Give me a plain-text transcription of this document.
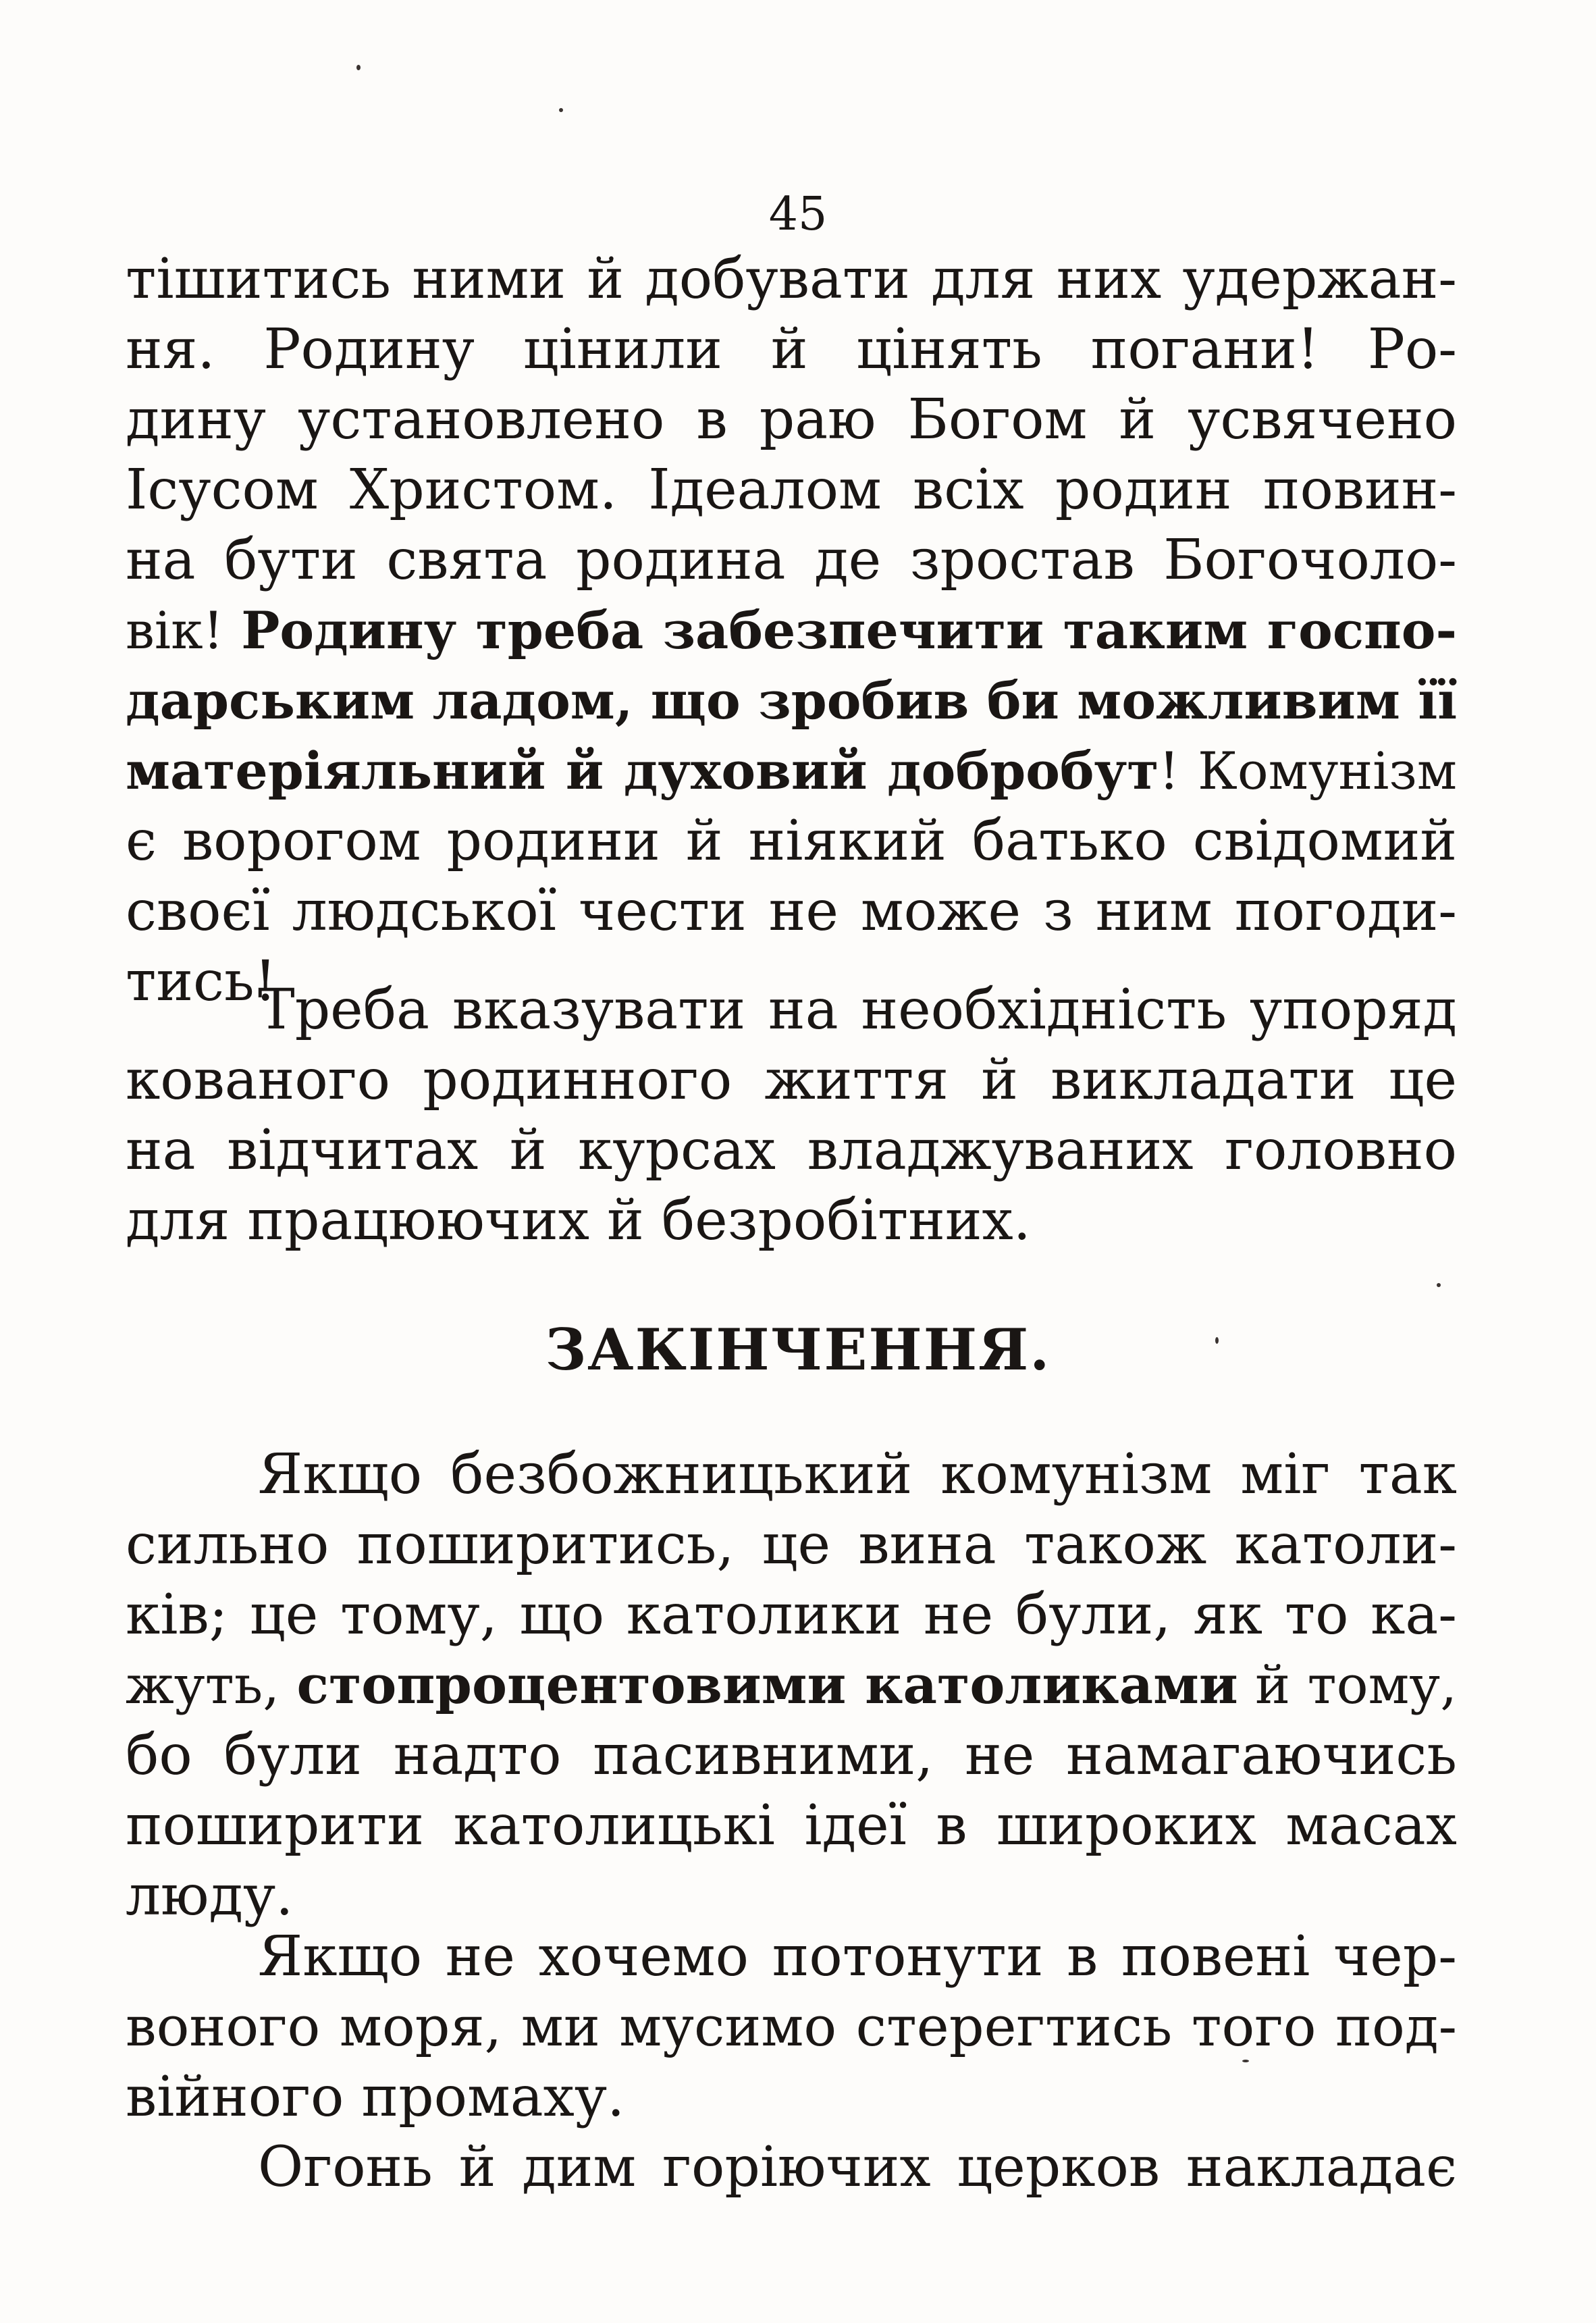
45
тішитись ними й добувати для них удержан-
ня. Родину цінили й цінять погани! Ро-
дину установлено в раю Богом й усвячено
Ісусом Христом. Ідеалом всіх родин повин-
на бути свята родина де зростав Богочоло-
вік! Родину треба забезпечити таким госпо-
дарським ладом, що зробив би можливим її
матеріяльний й духовий добробут! Комунізм
є ворогом родини й ніякий батько свідомий
своєї людської чести не може з ним погоди-
тись!
Треба вказувати на необхідність упоряд
кованого родинного життя й викладати це
на відчитах й курсах владжуваних головно
для працюючих й безробітних.
ЗАКІНЧЕННЯ.
Якщо безбожницький комунізм міг так
сильно поширитись, це вина також католи-
ків; це тому, що католики не були, як то ка-
жуть, стопроцентовими католиками й тому,
бо були надто пасивними, не намагаючись
поширити католицькі ідеї в широких масах
люду.
Якщо не хочемо потонути в повені чер-
воного моря, ми мусимо стерегтись того под-
війного промаху.
Огонь й дим горіючих церков накладає
